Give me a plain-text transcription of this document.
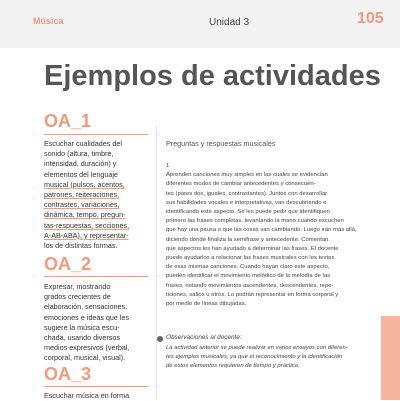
Música	Unidad 3	105
Ejemplos de actividades
OA_1
Escuchar cualidades del
sonido (altura, timbre,
intensidad, duración) y
elementos del lenguaje
musical (pulsos, acentos,
patrones, reiteraciones,
contrastes, variaciones,
dinámica, tempo, pregun-
tas-respuestas, secciones,
A-AB-ABA), y representar-
los de distintas formas.
OA_2
Expresar, mostrando
grados crecientes de
elaboración, sensaciones,
emociones e ideas que les
sugiere la música escu-
chada, usando diversos
medios expresivos (verbal,
corporal, musical, visual).
OA_3
Escuchar música en forma
Preguntas y respuestas musicales
1
Aprenden canciones muy simples en las cuales se evidencian
diferentes modos de cambiar antecedentes y consecuen-
tes (pares dos, iguales, contrastantes). Juntos con desarrollar
sus habilidades vocales e interpretativas, van descubriendo e
identificando este aspecto. Se les puede pedir que identifiquen
primero las frases completas, levantando la mano cuando escuchen
que hay una pausa o que las cosas van cambiando. Luego irán más allá,
diciendo dónde finaliza la semifrase y antecedente. Comentan
que aspectos les han ayudado a determinar las frases. El docente
puede ayudarlos a relacionar las frases musicales con los textos
de esas mismas canciones. Cuando hayan claro este aspecto,
pueden identificar el movimiento melódico de la melodía de las
frases, notando movimientos ascendentes, descendentes, repe-
ticiones, saltos u otros. Lo podrán representar en forma corporal y
por medio de líneas dibujadas.
Observaciones al docente:
La actividad anterior se puede realizar en varios ensayos con diferen-
tes ejemplos musicales, ya que el reconocimiento y la identificación
de estos elementos requieren de tiempo y práctica.
